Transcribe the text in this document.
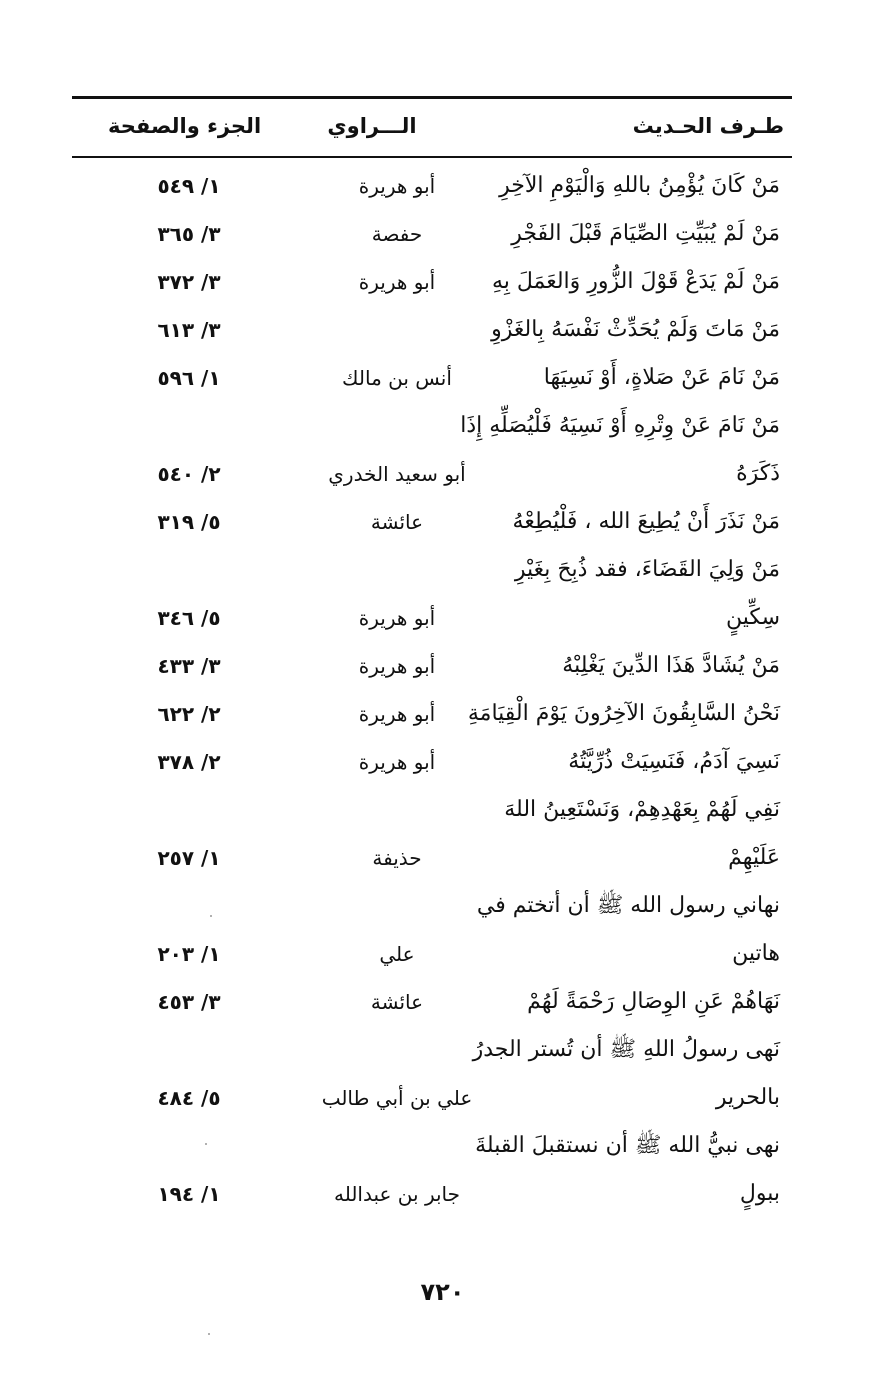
طـرف الحـديث
الـــراوي
الجزء والصفحة
مَنْ كَانَ يُؤْمِنُ باللهِ وَالْيَوْمِ الآخِرِ
أبو هريرة
١/ ٥٤٩
مَنْ لَمْ يُبَيِّتِ الصِّيَامَ قَبْلَ الفَجْرِ
حفصة
٣/ ٣٦٥
مَنْ لَمْ يَدَعْ قَوْلَ الزُّورِ وَالعَمَلَ بِهِ
أبو هريرة
٣/ ٣٧٢
مَنْ مَاتَ وَلَمْ يُحَدِّثْ نَفْسَهُ بِالغَزْوِ
٣/ ٦١٣
مَنْ نَامَ عَنْ صَلاةٍ، أَوْ نَسِيَهَا
أنس بن مالك
١/ ٥٩٦
مَنْ نَامَ عَنْ وِتْرِهِ أَوْ نَسِيَهُ فَلْيُصَلِّهِ إِذَا
ذَكَرَهُ
أبو سعيد الخدري
٢/ ٥٤٠
مَنْ نَذَرَ أَنْ يُطِيعَ الله ، فَلْيُطِعْهُ
عائشة
٥/ ٣١٩
مَنْ وَلِيَ القَضَاءَ، فقد ذُبِحَ بِغَيْرِ
سِكِّينٍ
أبو هريرة
٥/ ٣٤٦
مَنْ يُشَادَّ هَذَا الدِّينَ يَغْلِبْهُ
أبو هريرة
٣/ ٤٣٣
نَحْنُ السَّابِقُونَ الآخِرُونَ يَوْمَ الْقِيَامَةِ
أبو هريرة
٢/ ٦٢٢
نَسِيَ آدَمُ، فَنَسِيَتْ ذُرِّيَّتُهُ
أبو هريرة
٢/ ٣٧٨
نَفِي لَهُمْ بِعَهْدِهِمْ، وَنَسْتَعِينُ اللهَ
عَلَيْهِمْ
حذيفة
١/ ٢٥٧
نهاني رسول الله ﷺ أن أتختم في
هاتين
علي
١/ ٢٠٣
نَهَاهُمْ عَنِ الوِصَالِ رَحْمَةً لَهُمْ
عائشة
٣/ ٤٥٣
نَهى رسولُ اللهِ ﷺ أن تُستر الجدرُ
بالحرير
علي بن أبي طالب
٥/ ٤٨٤
نهى نبيُّ الله ﷺ أن نستقبلَ القبلةَ
ببولٍ
جابر بن عبدالله
١/ ١٩٤
٧٢٠
